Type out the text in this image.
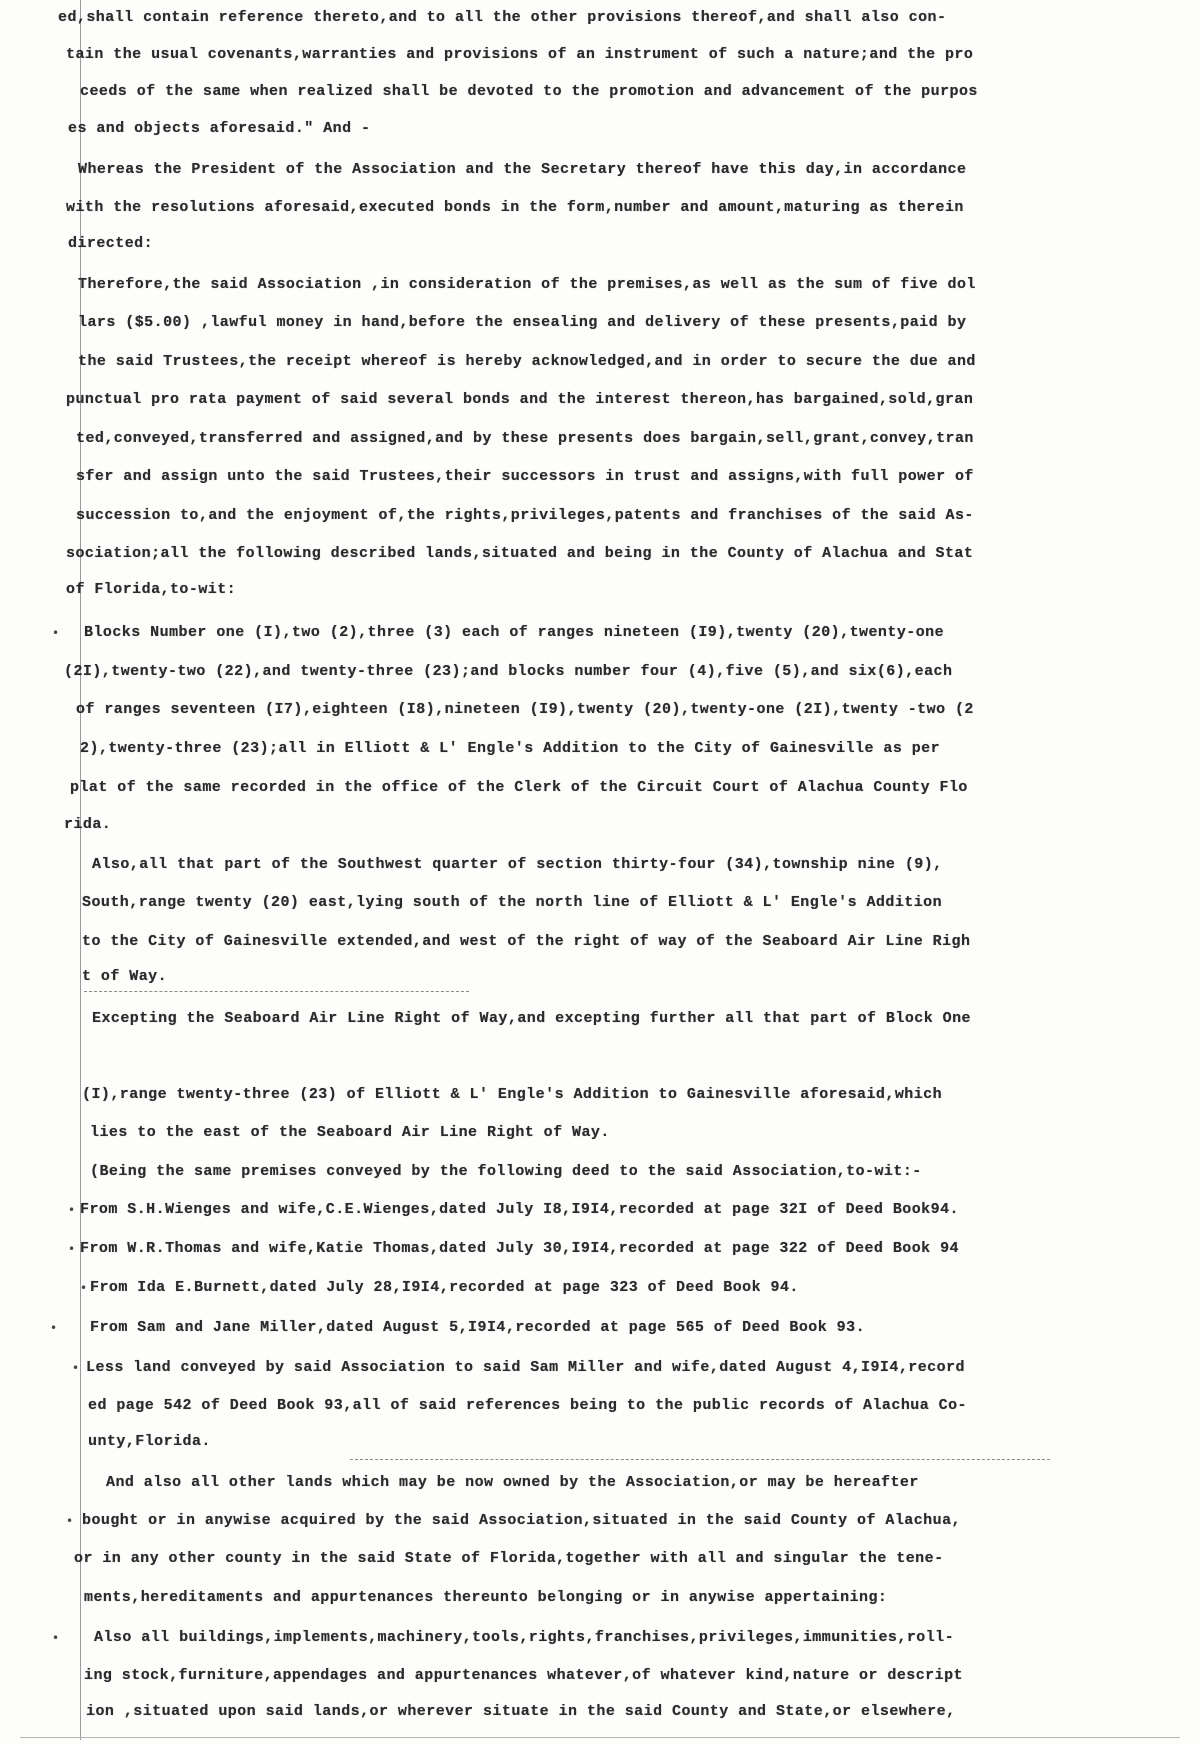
ed,shall contain reference thereto,and to all the other provisions thereof,and shall also con-
tain the usual covenants,warranties and provisions of an instrument of such a nature;and the pro
ceeds of the same when realized shall be devoted to the promotion and advancement of the purpos
es and objects aforesaid." And -
Whereas the President of the Association and the Secretary thereof have this day,in accordance
with the resolutions aforesaid,executed bonds in the form,number and amount,maturing as therein
directed:
Therefore,the said Association ,in consideration of the premises,as well as the sum of five dol
lars ($5.00) ,lawful money in hand,before the ensealing and delivery of these presents,paid by
the said Trustees,the receipt whereof is hereby acknowledged,and in order to secure the due and
punctual pro rata payment of said several bonds and the interest thereon,has bargained,sold,gran
ted,conveyed,transferred and assigned,and by these presents does bargain,sell,grant,convey,tran
sfer and assign unto the said Trustees,their successors in trust and assigns,with full power of
succession to,and the enjoyment of,the rights,privileges,patents and franchises of the said As-
sociation;all the following described lands,situated and being in the County of Alachua and Stat
of Florida,to-wit:
• Blocks Number one (I),two (2),three (3) each of ranges nineteen (I9),twenty (20),twenty-one
(2I),twenty-two (22),and twenty-three (23);and blocks number four (4),five (5),and six(6),each
of ranges seventeen (I7),eighteen (I8),nineteen (I9),twenty (20),twenty-one (2I),twenty -two (2
2),twenty-three (23);all in Elliott & L' Engle's Addition to the City of Gainesville as per
plat of the same recorded in the office of the Clerk of the Circuit Court of Alachua County Flo
rida.
Also,all that part of the Southwest quarter of section thirty-four (34),township nine (9),
South,range twenty (20) east,lying south of the north line of Elliott & L' Engle's Addition
to the City of Gainesville extended,and west of the right of way of the Seaboard Air Line Righ
t of Way.
Excepting the Seaboard Air Line Right of Way,and excepting further all that part of Block One
(I),range twenty-three (23) of Elliott & L' Engle's Addition to Gainesville aforesaid,which
lies to the east of the Seaboard Air Line Right of Way.
(Being the same premises conveyed by the following deed to the said Association,to-wit:-
• From S.H.Wienges and wife,C.E.Wienges,dated July I8,I9I4,recorded at page 32I of Deed Book94.
• From W.R.Thomas and wife,Katie Thomas,dated July 30,I9I4,recorded at page 322 of Deed Book 94
• From Ida E.Burnett,dated July 28,I9I4,recorded at page 323 of Deed Book 94.
• From Sam and Jane Miller,dated August 5,I9I4,recorded at page 565 of Deed Book 93.
• Less land conveyed by said Association to said Sam Miller and wife,dated August 4,I9I4,record
ed page 542 of Deed Book 93,all of said references being to the public records of Alachua Co-
unty,Florida.
And also all other lands which may be now owned by the Association,or may be hereafter
• bought or in anywise acquired by the said Association,situated in the said County of Alachua,
or in any other county in the said State of Florida,together with all and singular the tene-
ments,hereditaments and appurtenances thereunto belonging or in anywise appertaining:
• Also all buildings,implements,machinery,tools,rights,franchises,privileges,immunities,roll-
ing stock,furniture,appendages and appurtenances whatever,of whatever kind,nature or descript
ion ,situated upon said lands,or wherever situate in the said County and State,or elsewhere,
